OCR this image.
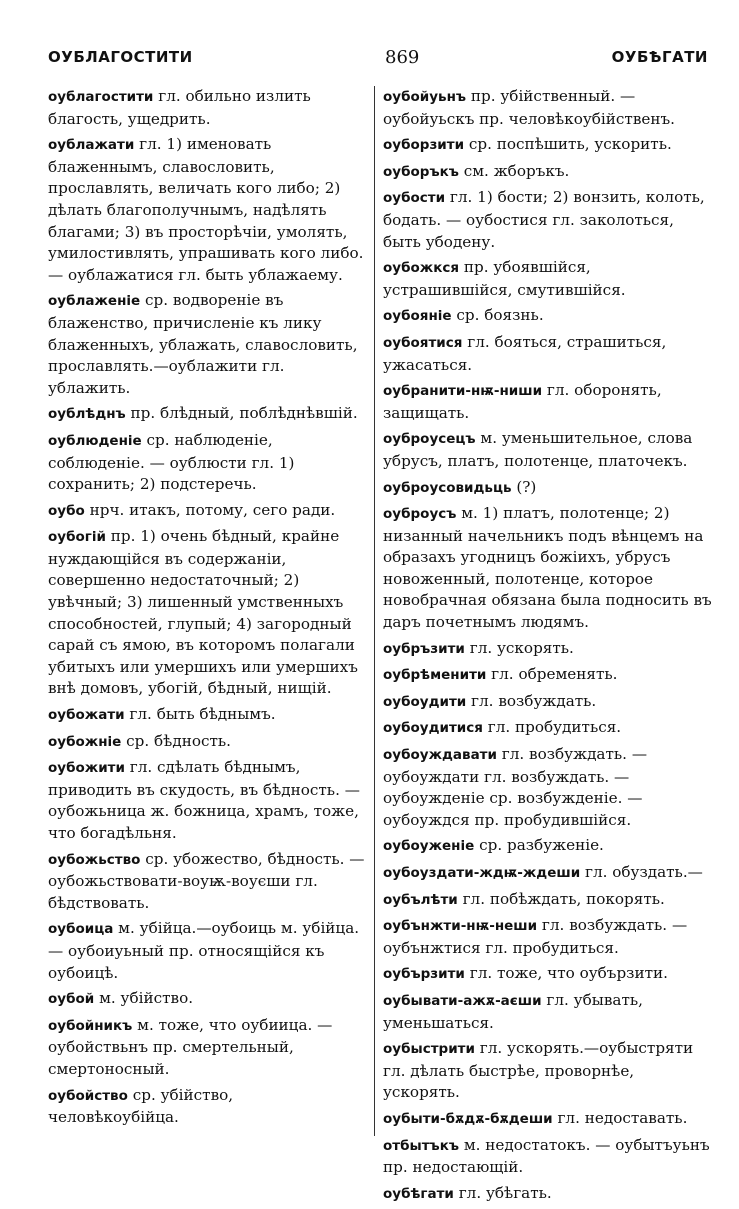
ОУБЛАГОСТИТИ	869	ОУБѢГАТИ
оублагостити гл. обильно излить благость, ущедрить.
оублажати гл. 1) именовать блаженнымъ, славословить, прославлять, величать кого либо; 2) дѣлать благополучнымъ, надѣлять благами; 3) въ просторѣчіи, умолять, умилостивлять, упрашивать кого либо.— оублажатися гл. быть ублажаему.
оублаженіе ср. водвореніе въ блаженство, причисленіе къ лику блаженныхъ, ублажать, славословить, прославлять.—оублажити гл. ублажить.
оублѣднъ пр. блѣдный, поблѣднѣвшій.
оублюденіе ср. наблюденіе, соблюденіе. — оублюсти гл. 1) сохранить; 2) подстеречь.
оубо нрч. итакъ, потому, сего ради.
оубогій пр. 1) очень бѣдный, крайне нуждающійся въ содержаніи, совершенно недостаточный; 2) увѣчный; 3) лишенный умственныхъ способностей, глупый; 4) загородный сарай съ ямою, въ которомъ полагали убитыхъ или умершихъ или умершихъ внѣ домовъ, убогій, бѣдный, нищій.
оубожати гл. быть бѣднымъ.
оубожніе ср. бѣдность.
оубожити гл. сдѣлать бѣднымъ, приводить въ скудость, въ бѣдность. —оубожьница ж. божница, храмъ, тоже, что богадѣльня.
оубожьство ср. убожество, бѣдность. — оубожьствовати-воуѭ-воуєши гл. бѣдствовать.
оубоица м. убійца.—оубоиць м. убійца. — оубоиуьный пр. относящійся къ оубоицѣ.
оубой м. убійство.
оубойникъ м. тоже, что оубиица. — оубойствьнъ пр. смертельный, смертоносный.
оубойство ср. убійство, человѣкоубійца.
оубойуьнъ пр. убійственный. — оубойуьскъ пр. человѣкоубійственъ.
оуборзити ср. поспѣшить, ускорить.
оуборъкъ см. жборъкъ.
оубости гл. 1) бости; 2) вонзить, колоть, бодать. — оубостися гл. заколоться, быть убодену.
оубожкся пр. убоявшійся, устрашившійся, смутившійся.
оубояніе ср. боязнь.
оубоятися гл. бояться, страшиться, ужасаться.
оубранити-нѭ-ниши гл. оборонять, защищать.
оуброусецъ м. уменьшительное, слова убрусъ, платъ, полотенце, платочекъ.
оуброусовидьць (?)
оуброусъ м. 1) платъ, полотенце; 2) низанный начельникъ подъ вѣнцемъ на образахъ угодницъ божіихъ, убрусъ новоженный, полотенце, которое новобрачная обязана была подносить въ даръ почетнымъ людямъ.
оубръзити гл. ускорять.
оубрѣменити гл. обременять.
оубоудити гл. возбуждать.
оубоудитися гл. пробудиться.
оубоуждавати гл. возбуждать. — оубоуждати гл. возбуждать. — оубоужденіе ср. возбужденіе. — оубоуждся пр. пробудившійся.
оубоуженіе ср. разбуженіе.
оубоуздати-ждѭ-ждеши гл. обуздать.—
оубълѣти гл. побѣждать, покорять.
оубънжти-нѭ-неши гл. возбуждать. —оубънжтися гл. пробудиться.
оубързити гл. тоже, что оубързити.
оубывати-ажѫ-аєши гл. убывать, уменьшаться.
оубыстрити гл. ускорять.—оубыстряти гл. дѣлать быстрѣе, проворнѣе, ускорять.
оубыти-бѫдѫ-бѫдеши гл. недоставать.
отбытъкъ м. недостатокъ. — оубытъуьнъ пр. недостающій.
оубѣгати гл. убѣгать.
